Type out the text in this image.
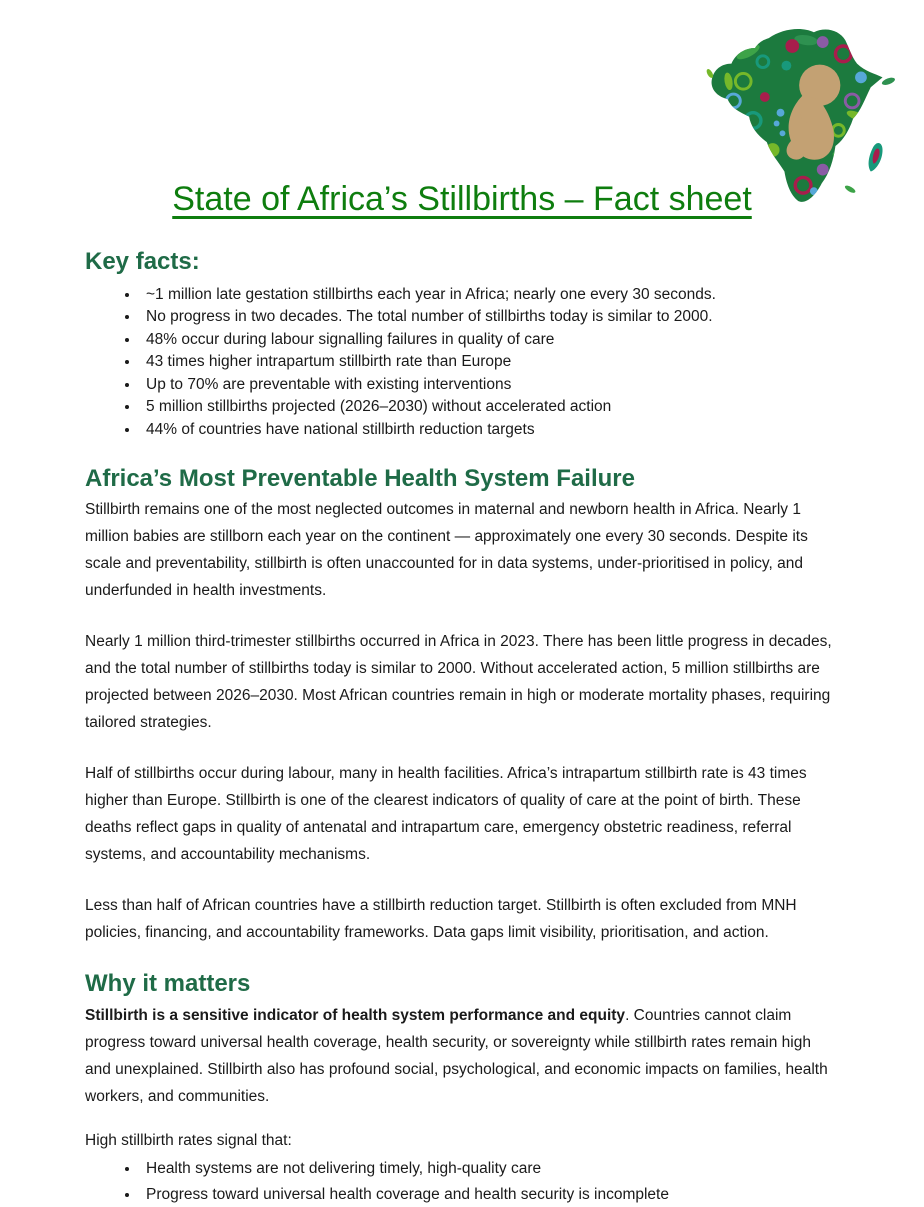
State of Africa’s Stillbirths – Fact sheet
Key facts:
• ~1 million late gestation stillbirths each year in Africa; nearly one every 30 seconds.
• No progress in two decades. The total number of stillbirths today is similar to 2000.
• 48% occur during labour signalling failures in quality of care
• 43 times higher intrapartum stillbirth rate than Europe
• Up to 70% are preventable with existing interventions
• 5 million stillbirths projected (2026–2030) without accelerated action
• 44% of countries have national stillbirth reduction targets
Africa’s Most Preventable Health System Failure

Stillbirth remains one of the most neglected outcomes in maternal and newborn health in Africa. Nearly 1 million babies are stillborn each year on the continent — approximately one every 30 seconds. Despite its scale and preventability, stillbirth is often unaccounted for in data systems, under-prioritised in policy, and underfunded in health investments.

Nearly 1 million third-trimester stillbirths occurred in Africa in 2023. There has been little progress in decades, and the total number of stillbirths today is similar to 2000. Without accelerated action, 5 million stillbirths are projected between 2026–2030. Most African countries remain in high or moderate mortality phases, requiring tailored strategies.

Half of stillbirths occur during labour, many in health facilities. Africa’s intrapartum stillbirth rate is 43 times higher than Europe. Stillbirth is one of the clearest indicators of quality of care at the point of birth. These deaths reflect gaps in quality of antenatal and intrapartum care, emergency obstetric readiness, referral systems, and accountability mechanisms.

Less than half of African countries have a stillbirth reduction target. Stillbirth is often excluded from MNH policies, financing, and accountability frameworks. Data gaps limit visibility, prioritisation, and action.

Why it matters

Stillbirth is a sensitive indicator of health system performance and equity. Countries cannot claim progress toward universal health coverage, health security, or sovereignty while stillbirth rates remain high and unexplained. Stillbirth also has profound social, psychological, and economic impacts on families, health workers, and communities.

High stillbirth rates signal that:

• Health systems are not delivering timely, high-quality care
• Progress toward universal health coverage and health security is incomplete
